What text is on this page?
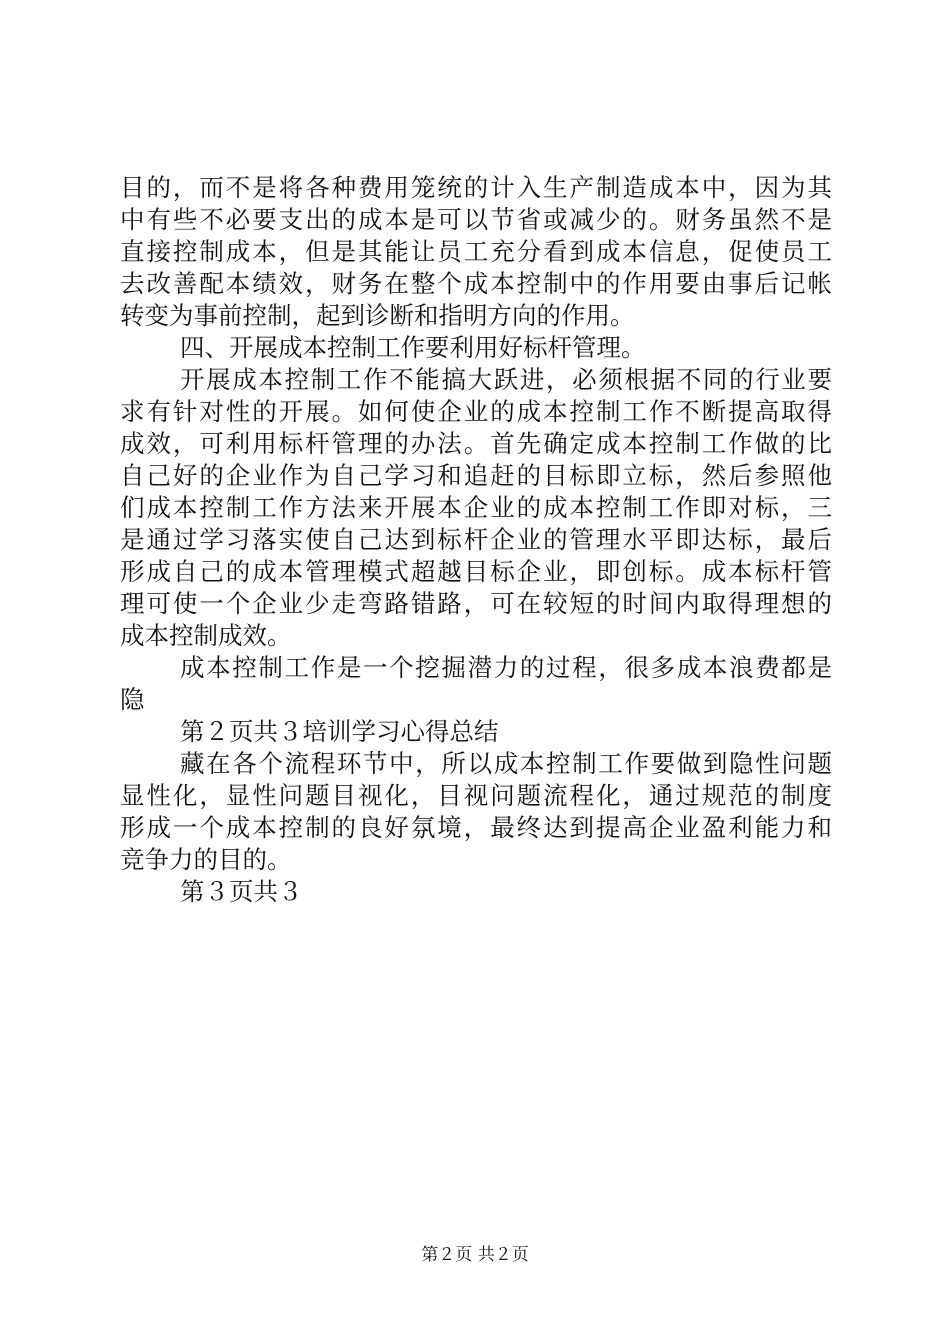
目的，而不是将各种费用笼统的计入生产制造成本中，因为其
中有些不必要支出的成本是可以节省或减少的。财务虽然不是
直接控制成本，但是其能让员工充分看到成本信息，促使员工
去改善配本绩效，财务在整个成本控制中的作用要由事后记帐
转变为事前控制，起到诊断和指明方向的作用。
四、开展成本控制工作要利用好标杆管理。
开展成本控制工作不能搞大跃进，必须根据不同的行业要
求有针对性的开展。如何使企业的成本控制工作不断提高取得
成效，可利用标杆管理的办法。首先确定成本控制工作做的比
自己好的企业作为自己学习和追赶的目标即立标，然后参照他
们成本控制工作方法来开展本企业的成本控制工作即对标，三
是通过学习落实使自己达到标杆企业的管理水平即达标，最后
形成自己的成本管理模式超越目标企业，即创标。成本标杆管
理可使一个企业少走弯路错路，可在较短的时间内取得理想的
成本控制成效。
成本控制工作是一个挖掘潜力的过程，很多成本浪费都是
隐
第２页共３培训学习心得总结
藏在各个流程环节中，所以成本控制工作要做到隐性问题
显性化，显性问题目视化，目视问题流程化，通过规范的制度
形成一个成本控制的良好氛境，最终达到提高企业盈利能力和
竞争力的目的。
第３页共３
第２页 共２页
